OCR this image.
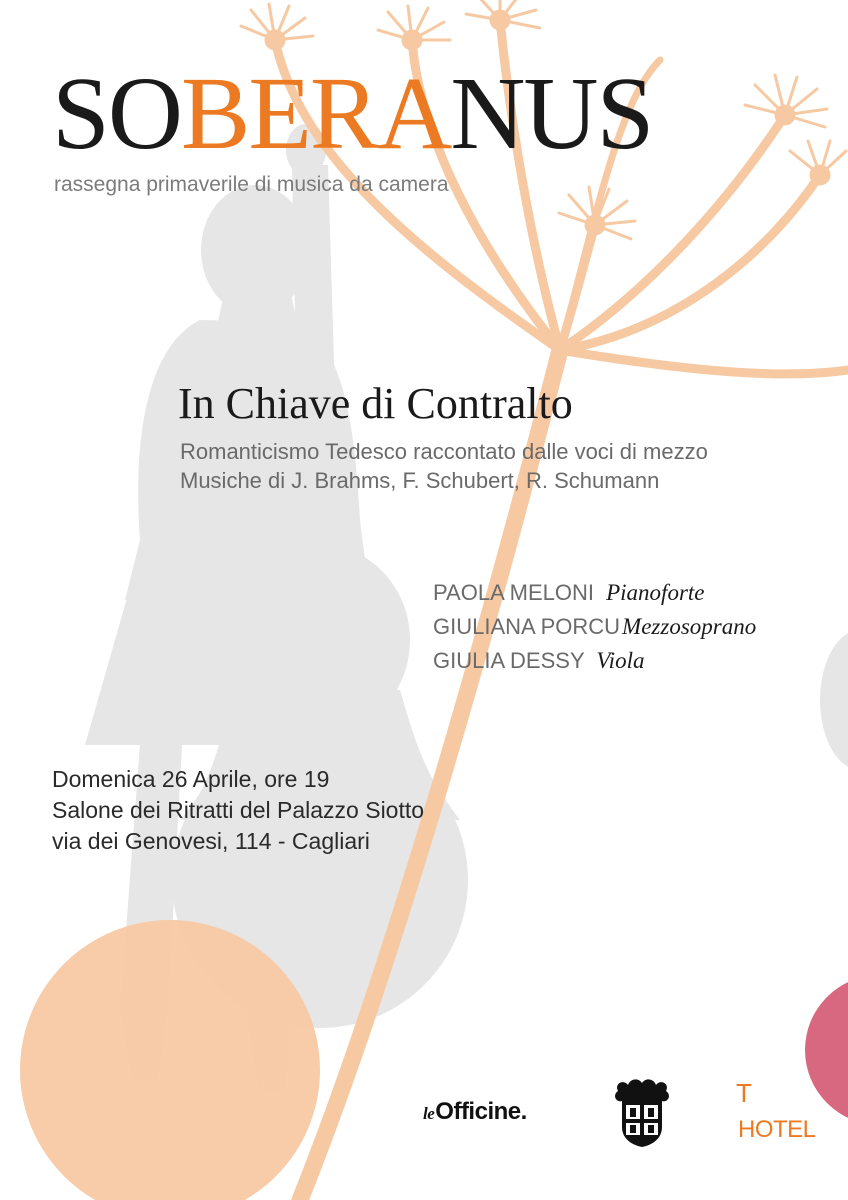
SOBERANUS
rassegna primaverile di musica da camera
In Chiave di Contralto
Romanticismo Tedesco raccontato dalle voci di mezzo
Musiche di J. Brahms, F. Schubert, R. Schumann
PAOLA MELONI Pianoforte
GIULIANA PORCUMezzosoprano
GIULIA DESSY Viola
Domenica 26 Aprile, ore 19
Salone dei Ritratti del Palazzo Siotto
via dei Genovesi, 114 - Cagliari
leOfficine.
T
HOTEL
